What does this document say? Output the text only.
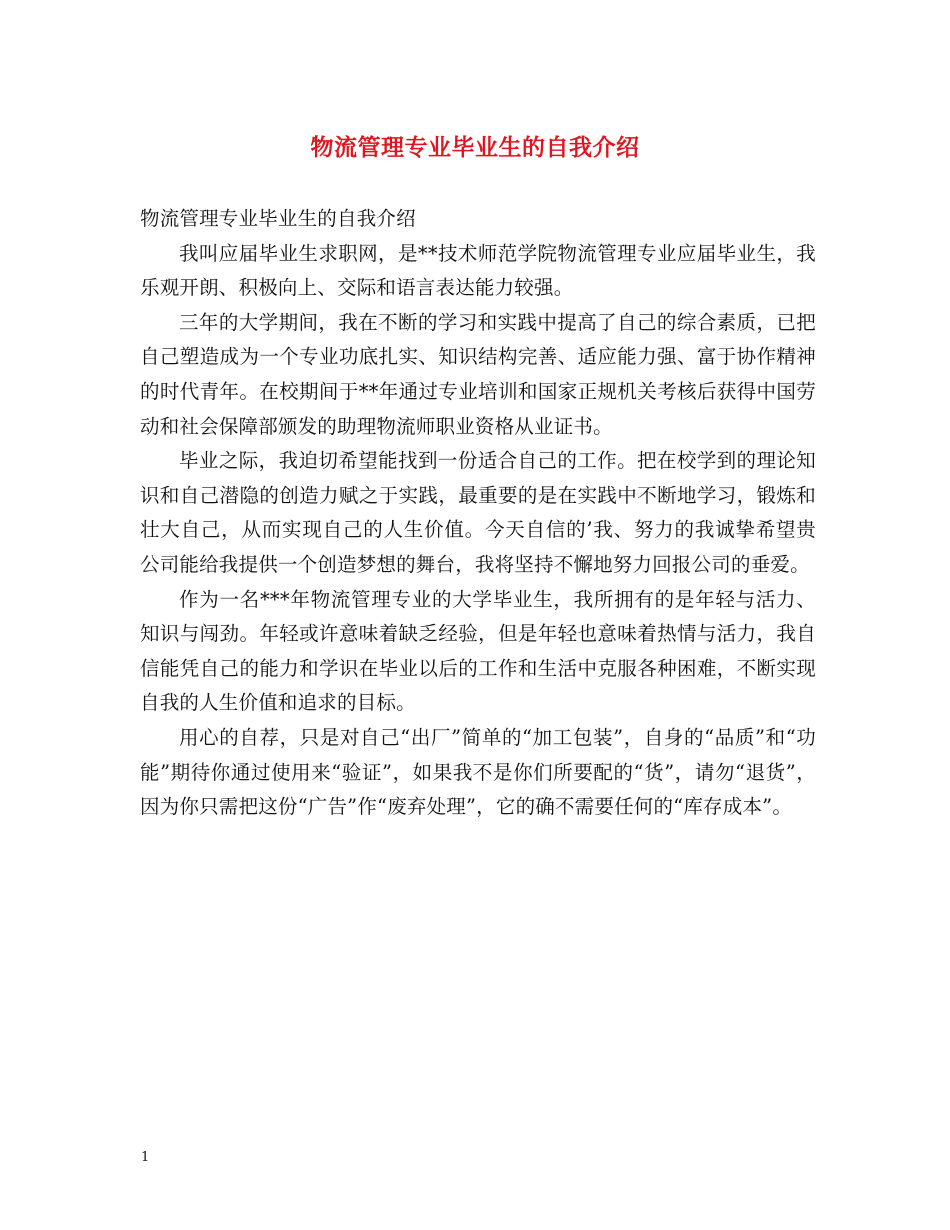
物流管理专业毕业生的自我介绍

物流管理专业毕业生的自我介绍

我叫应届毕业生求职网，是**技术师范学院物流管理专业应届毕业生，我乐观开朗、积极向上、交际和语言表达能力较强。

三年的大学期间，我在不断的学习和实践中提高了自己的综合素质，已把自己塑造成为一个专业功底扎实、知识结构完善、适应能力强、富于协作精神的时代青年。在校期间于**年通过专业培训和国家正规机关考核后获得中国劳动和社会保障部颁发的助理物流师职业资格从业证书。

毕业之际，我迫切希望能找到一份适合自己的工作。把在校学到的理论知识和自己潜隐的创造力赋之于实践，最重要的是在实践中不断地学习，锻炼和壮大自己，从而实现自己的人生价值。今天自信的’我、努力的我诚挚希望贵公司能给我提供一个创造梦想的舞台，我将坚持不懈地努力回报公司的垂爱。

作为一名***年物流管理专业的大学毕业生，我所拥有的是年轻与活力、知识与闯劲。年轻或许意味着缺乏经验，但是年轻也意味着热情与活力，我自信能凭自己的能力和学识在毕业以后的工作和生活中克服各种困难，不断实现自我的人生价值和追求的目标。

用心的自荐，只是对自己“出厂”简单的“加工包装”，自身的“品质”和“功能”期待你通过使用来“验证”，如果我不是你们所要配的“货”，请勿“退货”，因为你只需把这份“广告”作“废弃处理”，它的确不需要任何的“库存成本”。

1
